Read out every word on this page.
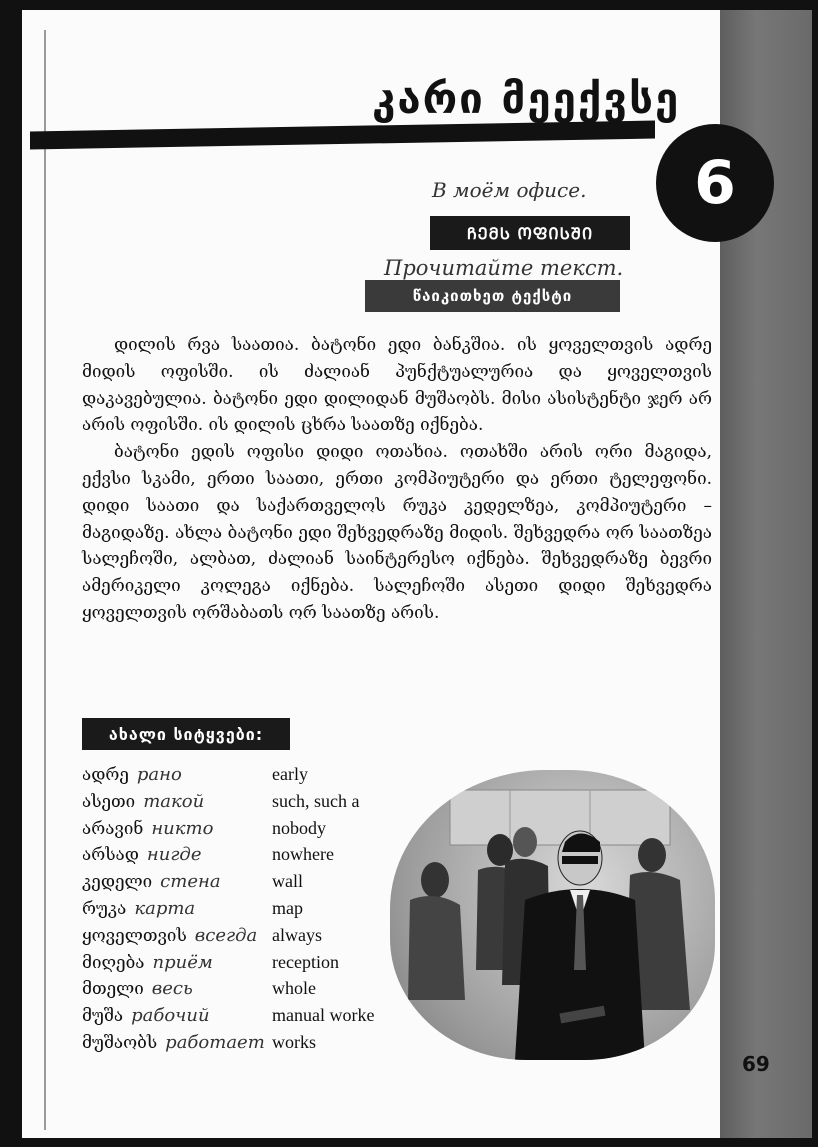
კარი მეექვსე
6
В моём офисе.
ᲩᲔᲛᲡ ᲝᲤᲘᲡᲨᲘ
Прочитайте текст.
წაიკითხეთ ტექსტი

დილის რვა საათია. ბატონი ედი ბანკშია. ის ყოველთვის ადრე მიდის ოფისში. ის ძალიან პუნქტუალურია და ყოველთვის დაკავებულია. ბატონი ედი დილიდან მუშაობს. მისი ასისტენტი ჯერ არ არის ოფისში. ის დილის ცხრა საათზე იქნება.

ბატონი ედის ოფისი დიდი ოთახია. ოთახში არის ორი მაგიდა, ექვსი სკამი, ერთი საათი, ერთი კომპიუტერი და ერთი ტელეფონი. დიდი საათი და საქართველოს რუკა კედელზეა, კომპიუტერი – მაგიდაზე. ახლა ბატონი ედი შეხვედრაზე მიდის. შეხვედრა ორ საათზეა სალეჩოში, ალბათ, ძალიან საინტერესო იქნება. შეხვედრაზე ბევრი ამერიკელი კოლეგა იქნება. სალეჩოში ასეთი დიდი შეხვედრა ყოველთვის ორშაბათს ორ საათზე არის.

ახალი სიტყვები:
ადრე рано	early
ასეთი такой	such, such a
არავინ никто	nobody
არსად нигде	nowhere
კედელი стена	wall
რუკა карта	map
ყოველთვის всегда always
მიღება приём	reception
მთელი весь	whole
მუშა рабочий	manual worke
მუშაობს работает works
69
